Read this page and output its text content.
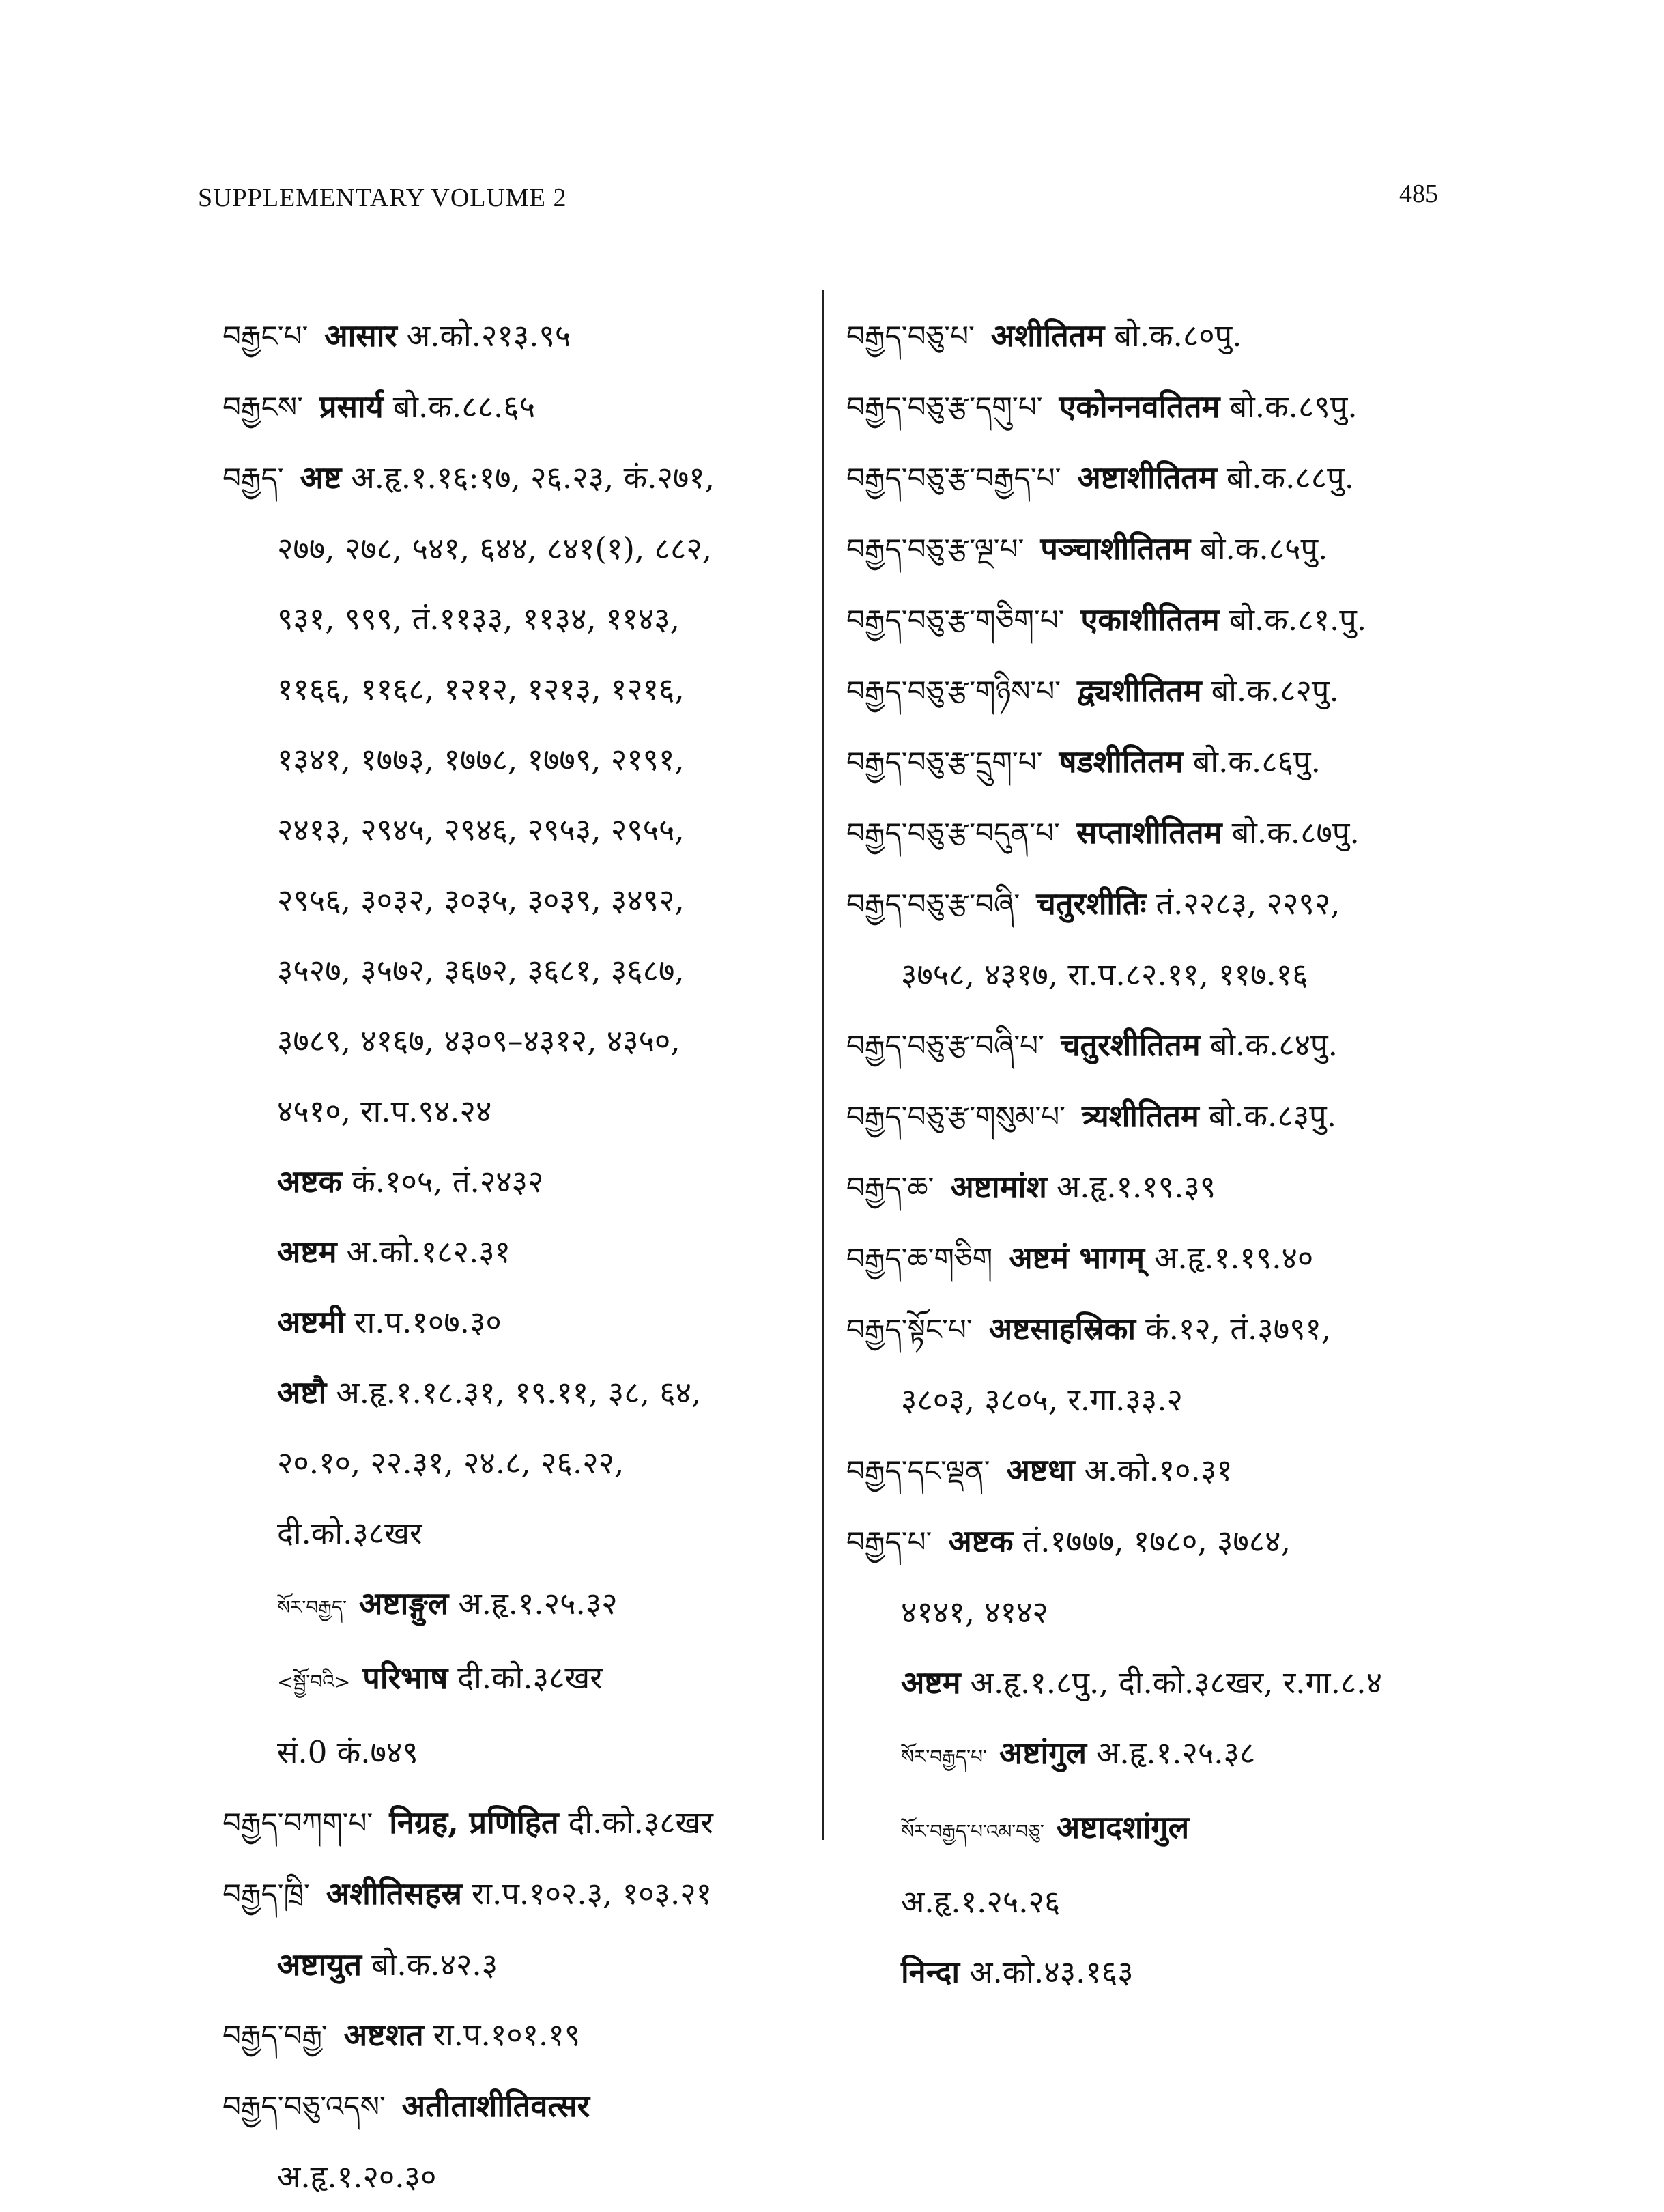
SUPPLEMENTARY VOLUME 2	485
བརྒྱང་པ་ आसार अ.को.२१३.९५
བརྒྱངས་ प्रसार्य बो.क.८८.६५
བརྒྱད་ अष्ट अ.हृ.१.१६:१७, २६.२३, कं.२७१,
२७७, २७८, ५४१, ६४४, ८४१(१), ८८२,
९३१, ९९९, तं.११३३, ११३४, ११४३,
११६६, ११६८, १२१२, १२१३, १२१६,
१३४१, १७७३, १७७८, १७७९, २१९१,
२४१३, २९४५, २९४६, २९५३, २९५५,
२९५६, ३०३२, ३०३५, ३०३९, ३४९२,
३५२७, ३५७२, ३६७२, ३६८१, ३६८७,
३७८९, ४१६७, ४३०९–४३१२, ४३५०,
४५१०, रा.प.९४.२४
अष्टक कं.१०५, तं.२४३२
अष्टम अ.को.१८२.३१
अष्टमी रा.प.१०७.३०
अष्टौ अ.हृ.१.१८.३१, १९.११, ३८, ६४,
२०.१०, २२.३१, २४.८, २६.२२,
दी.को.३८खर
སོར་བརྒྱད་ अष्टाङ्गुल अ.हृ.१.२५.३२
<སྦྱོ་བའི> परिभाष दी.को.३८खर
सं.0 कं.७४९
བརྒྱད་བཀག་པ་ निग्रह, प्रणिहित दी.को.३८खर
བརྒྱད་ཁྲི་ अशीतिसहस्र रा.प.१०२.३, १०३.२१
अष्टायुत बो.क.४२.३
བརྒྱད་བརྒྱ་ अष्टशत रा.प.१०१.१९
བརྒྱད་བཅུ་འདས་ अतीताशीतिवत्सर
अ.हृ.१.२०.३०
བརྒྱད་བཅུ་པ་ अशीतितम बो.क.८०पु.
བརྒྱད་བཅུ་རྩ་དགུ་པ་ एकोननवतितम बो.क.८९पु.
བརྒྱད་བཅུ་རྩ་བརྒྱད་པ་ अष्टाशीतितम बो.क.८८पु.
བརྒྱད་བཅུ་རྩ་ལྔ་པ་ पञ्चाशीतितम बो.क.८५पु.
བརྒྱད་བཅུ་རྩ་གཅིག་པ་ एकाशीतितम बो.क.८१.पु.
བརྒྱད་བཅུ་རྩ་གཉིས་པ་ द्व्यशीतितम बो.क.८२पु.
བརྒྱད་བཅུ་རྩ་དྲུག་པ་ षडशीतितम बो.क.८६पु.
བརྒྱད་བཅུ་རྩ་བདུན་པ་ सप्ताशीतितम बो.क.८७पु.
བརྒྱད་བཅུ་རྩ་བཞི་ चतुरशीतिः तं.२२८३, २२९२,
३७५८, ४३१७, रा.प.८२.११, ११७.१६
བརྒྱད་བཅུ་རྩ་བཞི་པ་ चतुरशीतितम बो.क.८४पु.
བརྒྱད་བཅུ་རྩ་གསུམ་པ་ त्र्यशीतितम बो.क.८३पु.
བརྒྱད་ཆ་ अष्टामांश अ.हृ.१.१९.३९
བརྒྱད་ཆ་གཅིག अष्टमं भागम् अ.हृ.१.१९.४०
བརྒྱད་སྟོང་པ་ अष्टसाहस्रिका कं.१२, तं.३७९१,
३८०३, ३८०५, र.गा.३३.२
བརྒྱད་དང་ལྡན་ अष्टधा अ.को.१०.३१
བརྒྱད་པ་ अष्टक तं.१७७७, १७८०, ३७८४,
४१४१, ४१४२
अष्टम अ.हृ.१.८पु., दी.को.३८खर, र.गा.८.४
སོར་བརྒྱད་པ་ अष्टांगुल अ.हृ.१.२५.३८
སོར་བརྒྱད་པ་འམ་བཅུ་ अष्टादशांगुल
अ.हृ.१.२५.२६
निन्दा अ.को.४३.१६३
